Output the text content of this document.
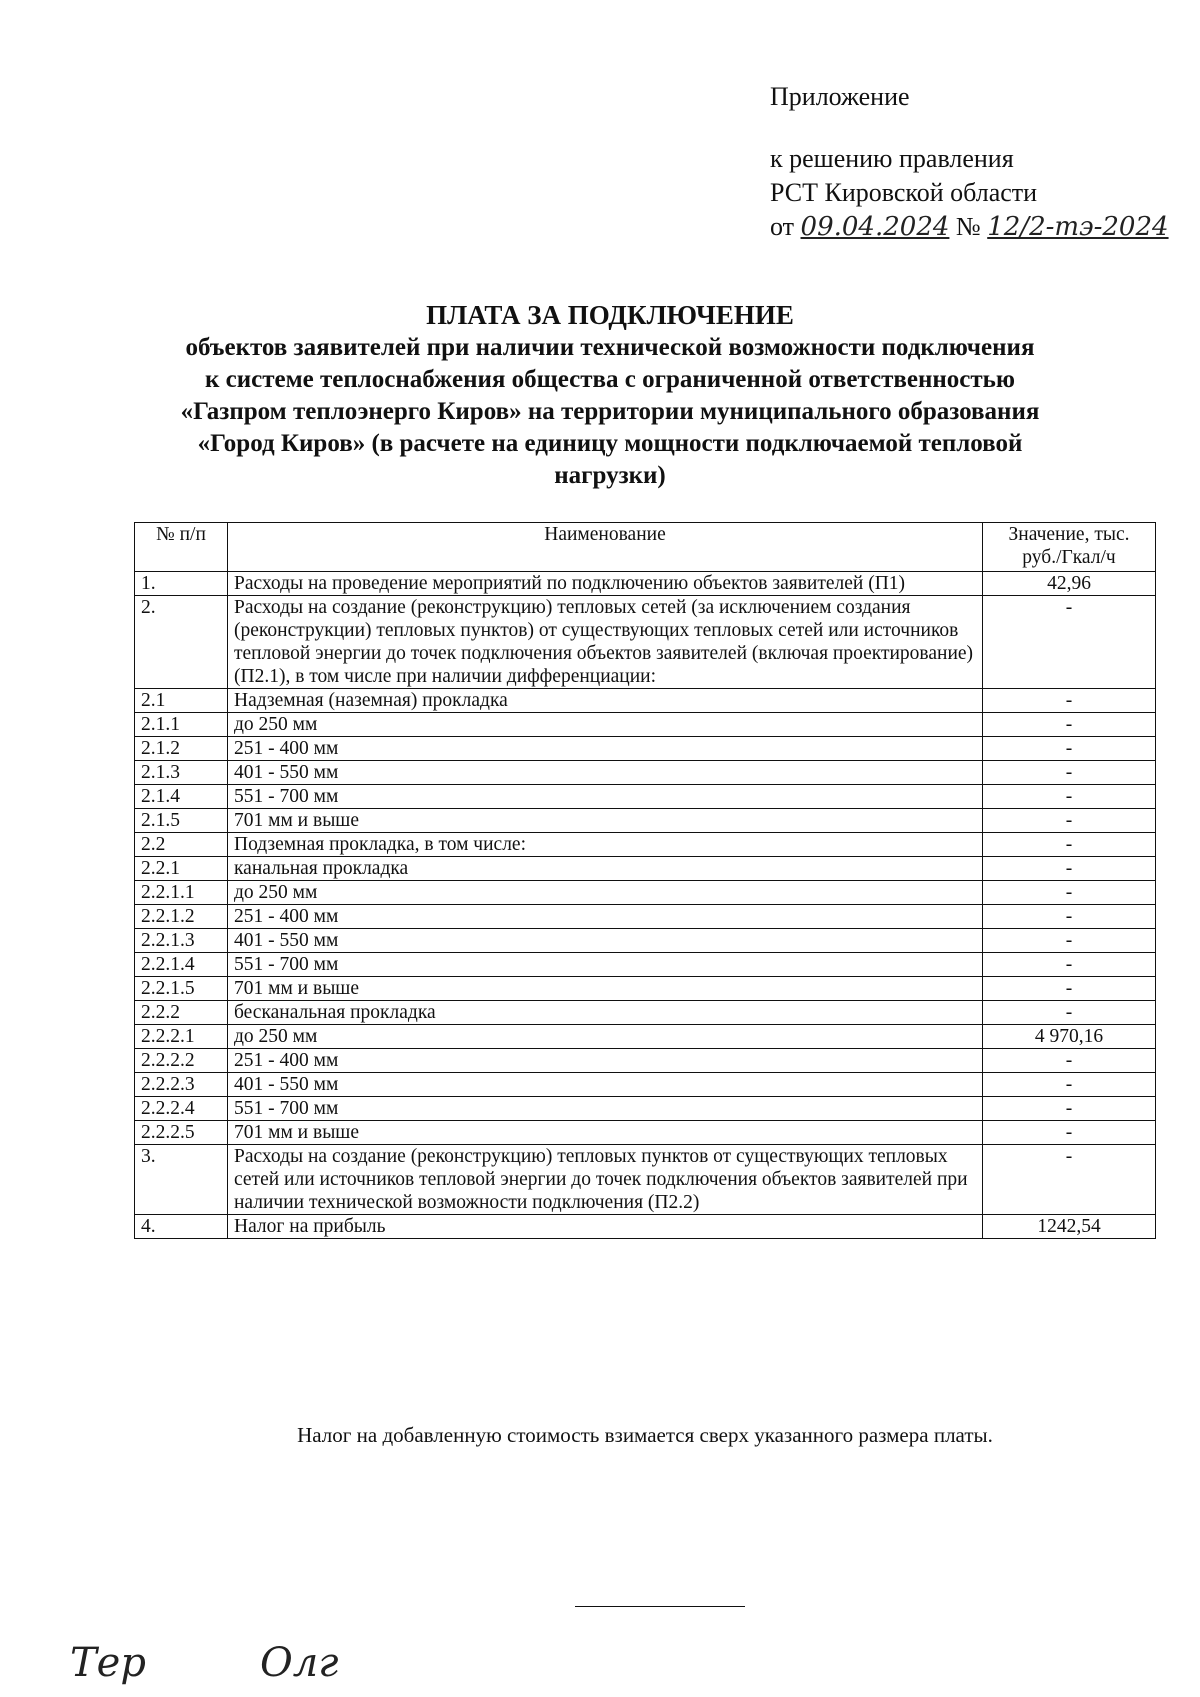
Приложение
к решению правления
РСТ Кировской области
от 09.04.2024 № 12/2-тэ-2024
ПЛАТА ЗА ПОДКЛЮЧЕНИЕ
объектов заявителей при наличии технической возможности подключения к системе теплоснабжения общества с ограниченной ответственностью «Газпром теплоэнерго Киров» на территории муниципального образования «Город Киров» (в расчете на единицу мощности подключаемой тепловой нагрузки)
№ п/п	Наименование	Значение, тыс. руб./Гкал/ч
1.	Расходы на проведение мероприятий по подключению объектов заявителей (П1)	42,96
2.	Расходы на создание (реконструкцию) тепловых сетей (за исключением создания (реконструкции) тепловых пунктов) от существующих тепловых сетей или источников тепловой энергии до точек подключения объектов заявителей (включая проектирование) (П2.1), в том числе при наличии дифференциации:	-
2.1	Надземная (наземная) прокладка	-
2.1.1	до 250 мм	-
2.1.2	251 - 400 мм	-
2.1.3	401 - 550 мм	-
2.1.4	551 - 700 мм	-
2.1.5	701 мм и выше	-
2.2	Подземная прокладка, в том числе:	-
2.2.1	канальная прокладка	-
2.2.1.1	до 250 мм	-
2.2.1.2	251 - 400 мм	-
2.2.1.3	401 - 550 мм	-
2.2.1.4	551 - 700 мм	-
2.2.1.5	701 мм и выше	-
2.2.2	бесканальная прокладка	-
2.2.2.1	до 250 мм	4 970,16
2.2.2.2	251 - 400 мм	-
2.2.2.3	401 - 550 мм	-
2.2.2.4	551 - 700 мм	-
2.2.2.5	701 мм и выше	-
3.	Расходы на создание (реконструкцию) тепловых пунктов от существующих тепловых сетей или источников тепловой энергии до точек подключения объектов заявителей при наличии технической возможности подключения (П2.2)	-
4.	Налог на прибыль	1242,54
Налог на добавленную стоимость взимается сверх указанного размера платы.
Тер	Олг
